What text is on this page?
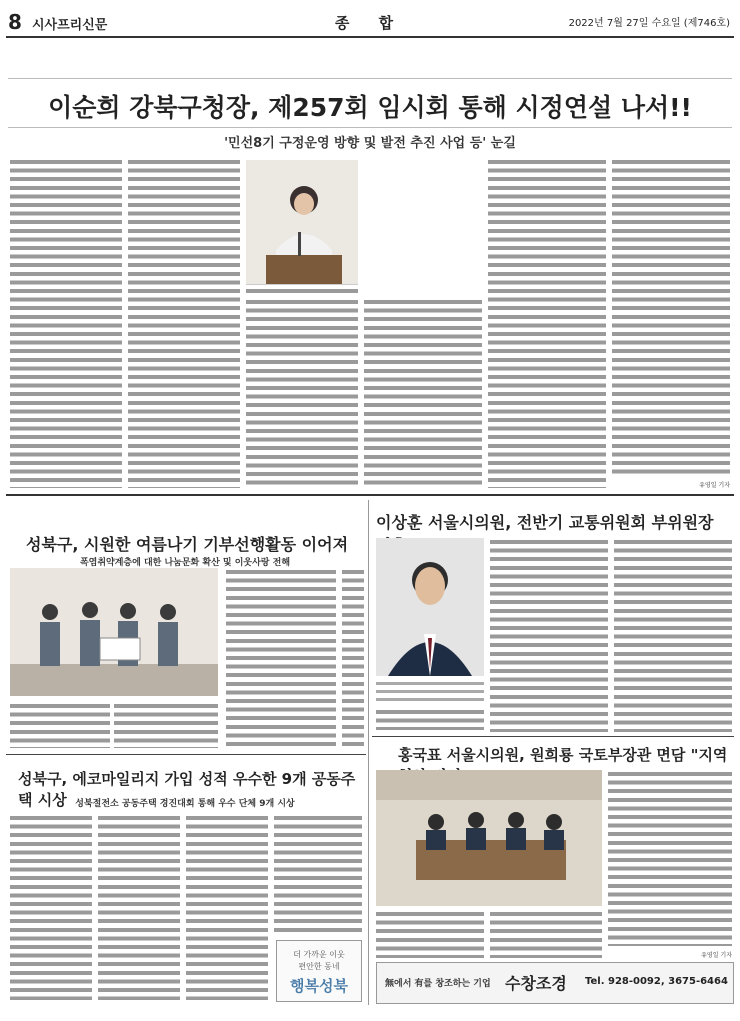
8 시사프리신문	종 합	2022년 7월 27일 수요일 (제746호)
이순희 강북구청장, 제257회 임시회 통해 시정연설 나서!!
'민선8기 구정운영 방향 및 발전 추진 사업 등' 눈길
유영일 기자
성북구, 시원한 여름나기 기부선행활동 이어져
폭염취약계층에 대한 나눔문화 확산 및 이웃사랑 전해
이상훈 서울시의원, 전반기 교통위원회 부위원장
홍국표 서울시의원, 원희룡 국토부장관 면담 "지역
유영일 기자
성북구, 에코마일리지 가입 성적 우수한 9개 공동주택 시상 성북절전소 공동주택 경진대회 통해 우수 단체 9개 시상
더 가까운 이웃
편안한 동네
행복성북	無에서 有를 창조하는 기업 수창조경 Tel. 928-0092, 3675-6464
